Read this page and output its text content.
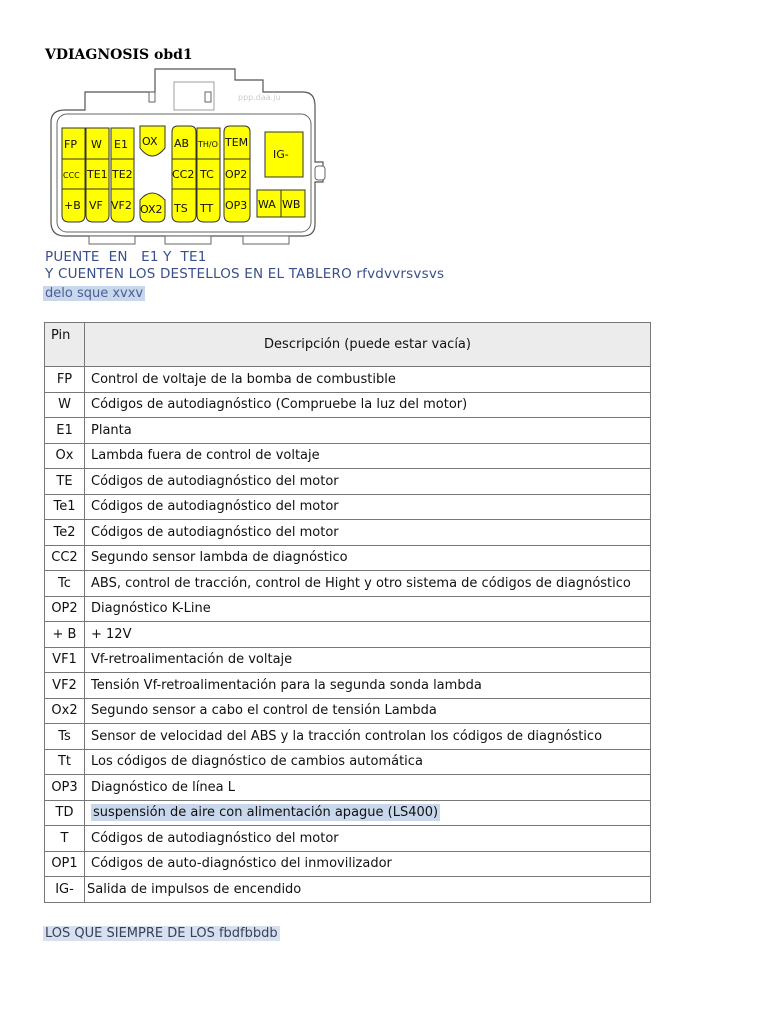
VDIAGNOSIS obd1
ppp.daa.ju
FP W E1 OX AB TH/O TEM
IG-
CCC TE1 TE2	CC2 TC OP2
+B VF VF2 OX2 TS TT OP3 WA WB
PUENTE  EN   E1 Y  TE1
Y CUENTEN LOS DESTELLOS EN EL TABLERO rfvdvvrsvsvs
delo sque xvxv
Pin	Descripción (puede estar vacía)
FP	Control de voltaje de la bomba de combustible
W	Códigos de autodiagnóstico (Compruebe la luz del motor)
E1	Planta
Ox	Lambda fuera de control de voltaje
TE	Códigos de autodiagnóstico del motor
Te1	Códigos de autodiagnóstico del motor
Te2	Códigos de autodiagnóstico del motor
CC2	Segundo sensor lambda de diagnóstico
Tc	ABS, control de tracción, control de Hight y otro sistema de códigos de diagnóstico
OP2	Diagnóstico K-Line
+ B	+ 12V
VF1	Vf-retroalimentación de voltaje
VF2	Tensión Vf-retroalimentación para la segunda sonda lambda
Ox2	Segundo sensor a cabo el control de tensión Lambda
Ts	Sensor de velocidad del ABS y la tracción controlan los códigos de diagnóstico
Tt	Los códigos de diagnóstico de cambios automática
OP3	Diagnóstico de línea L
TD	suspensión de aire con alimentación apague (LS400)
T	Códigos de autodiagnóstico del motor
OP1	Códigos de auto-diagnóstico del inmovilizador
IG-	Salida de impulsos de encendido
LOS QUE SIEMPRE DE LOS fbdfbbdb
